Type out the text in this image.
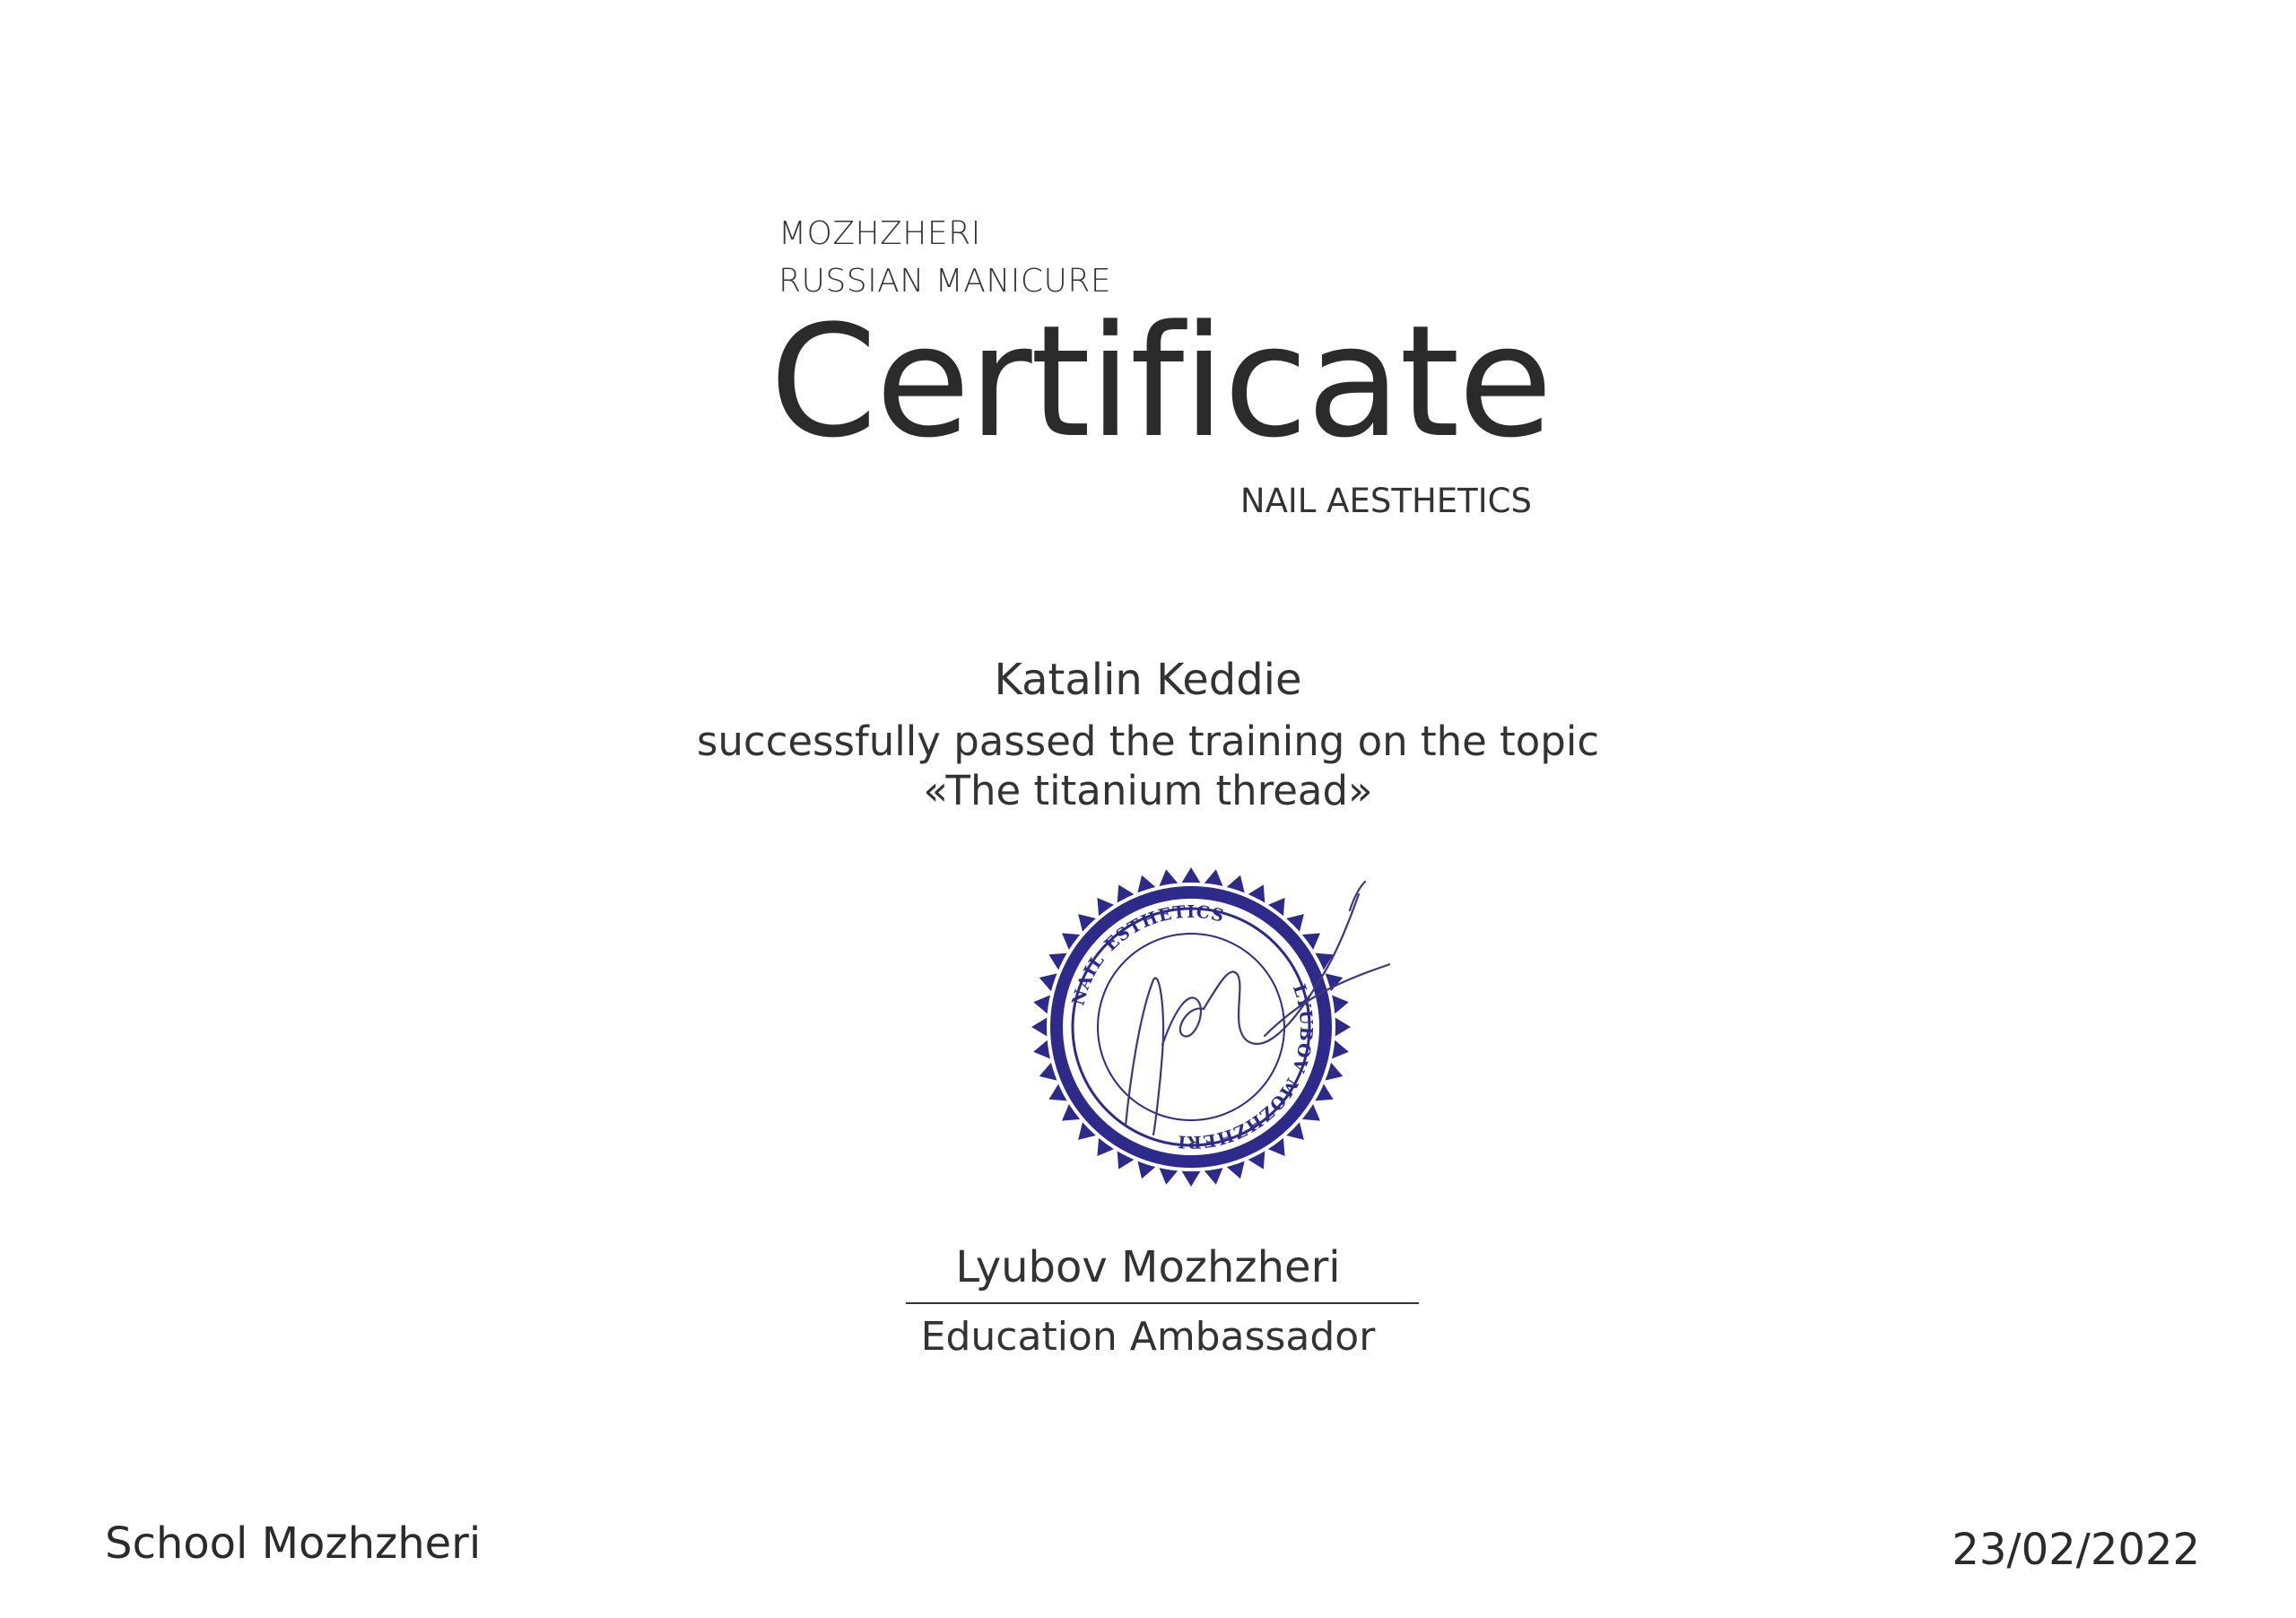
MOZHZHERI
RUSSIAN MANICURE
Certificate
NAIL AESTHETICS
Katalin Keddie
successfully passed the training on the topic
«The titanium thread»
LYUBOV MOZHZHERI
NAIL
ESTHETICS
Lyubov Mozhzheri
Education Ambassador
School Mozhzheri	23/02/2022
